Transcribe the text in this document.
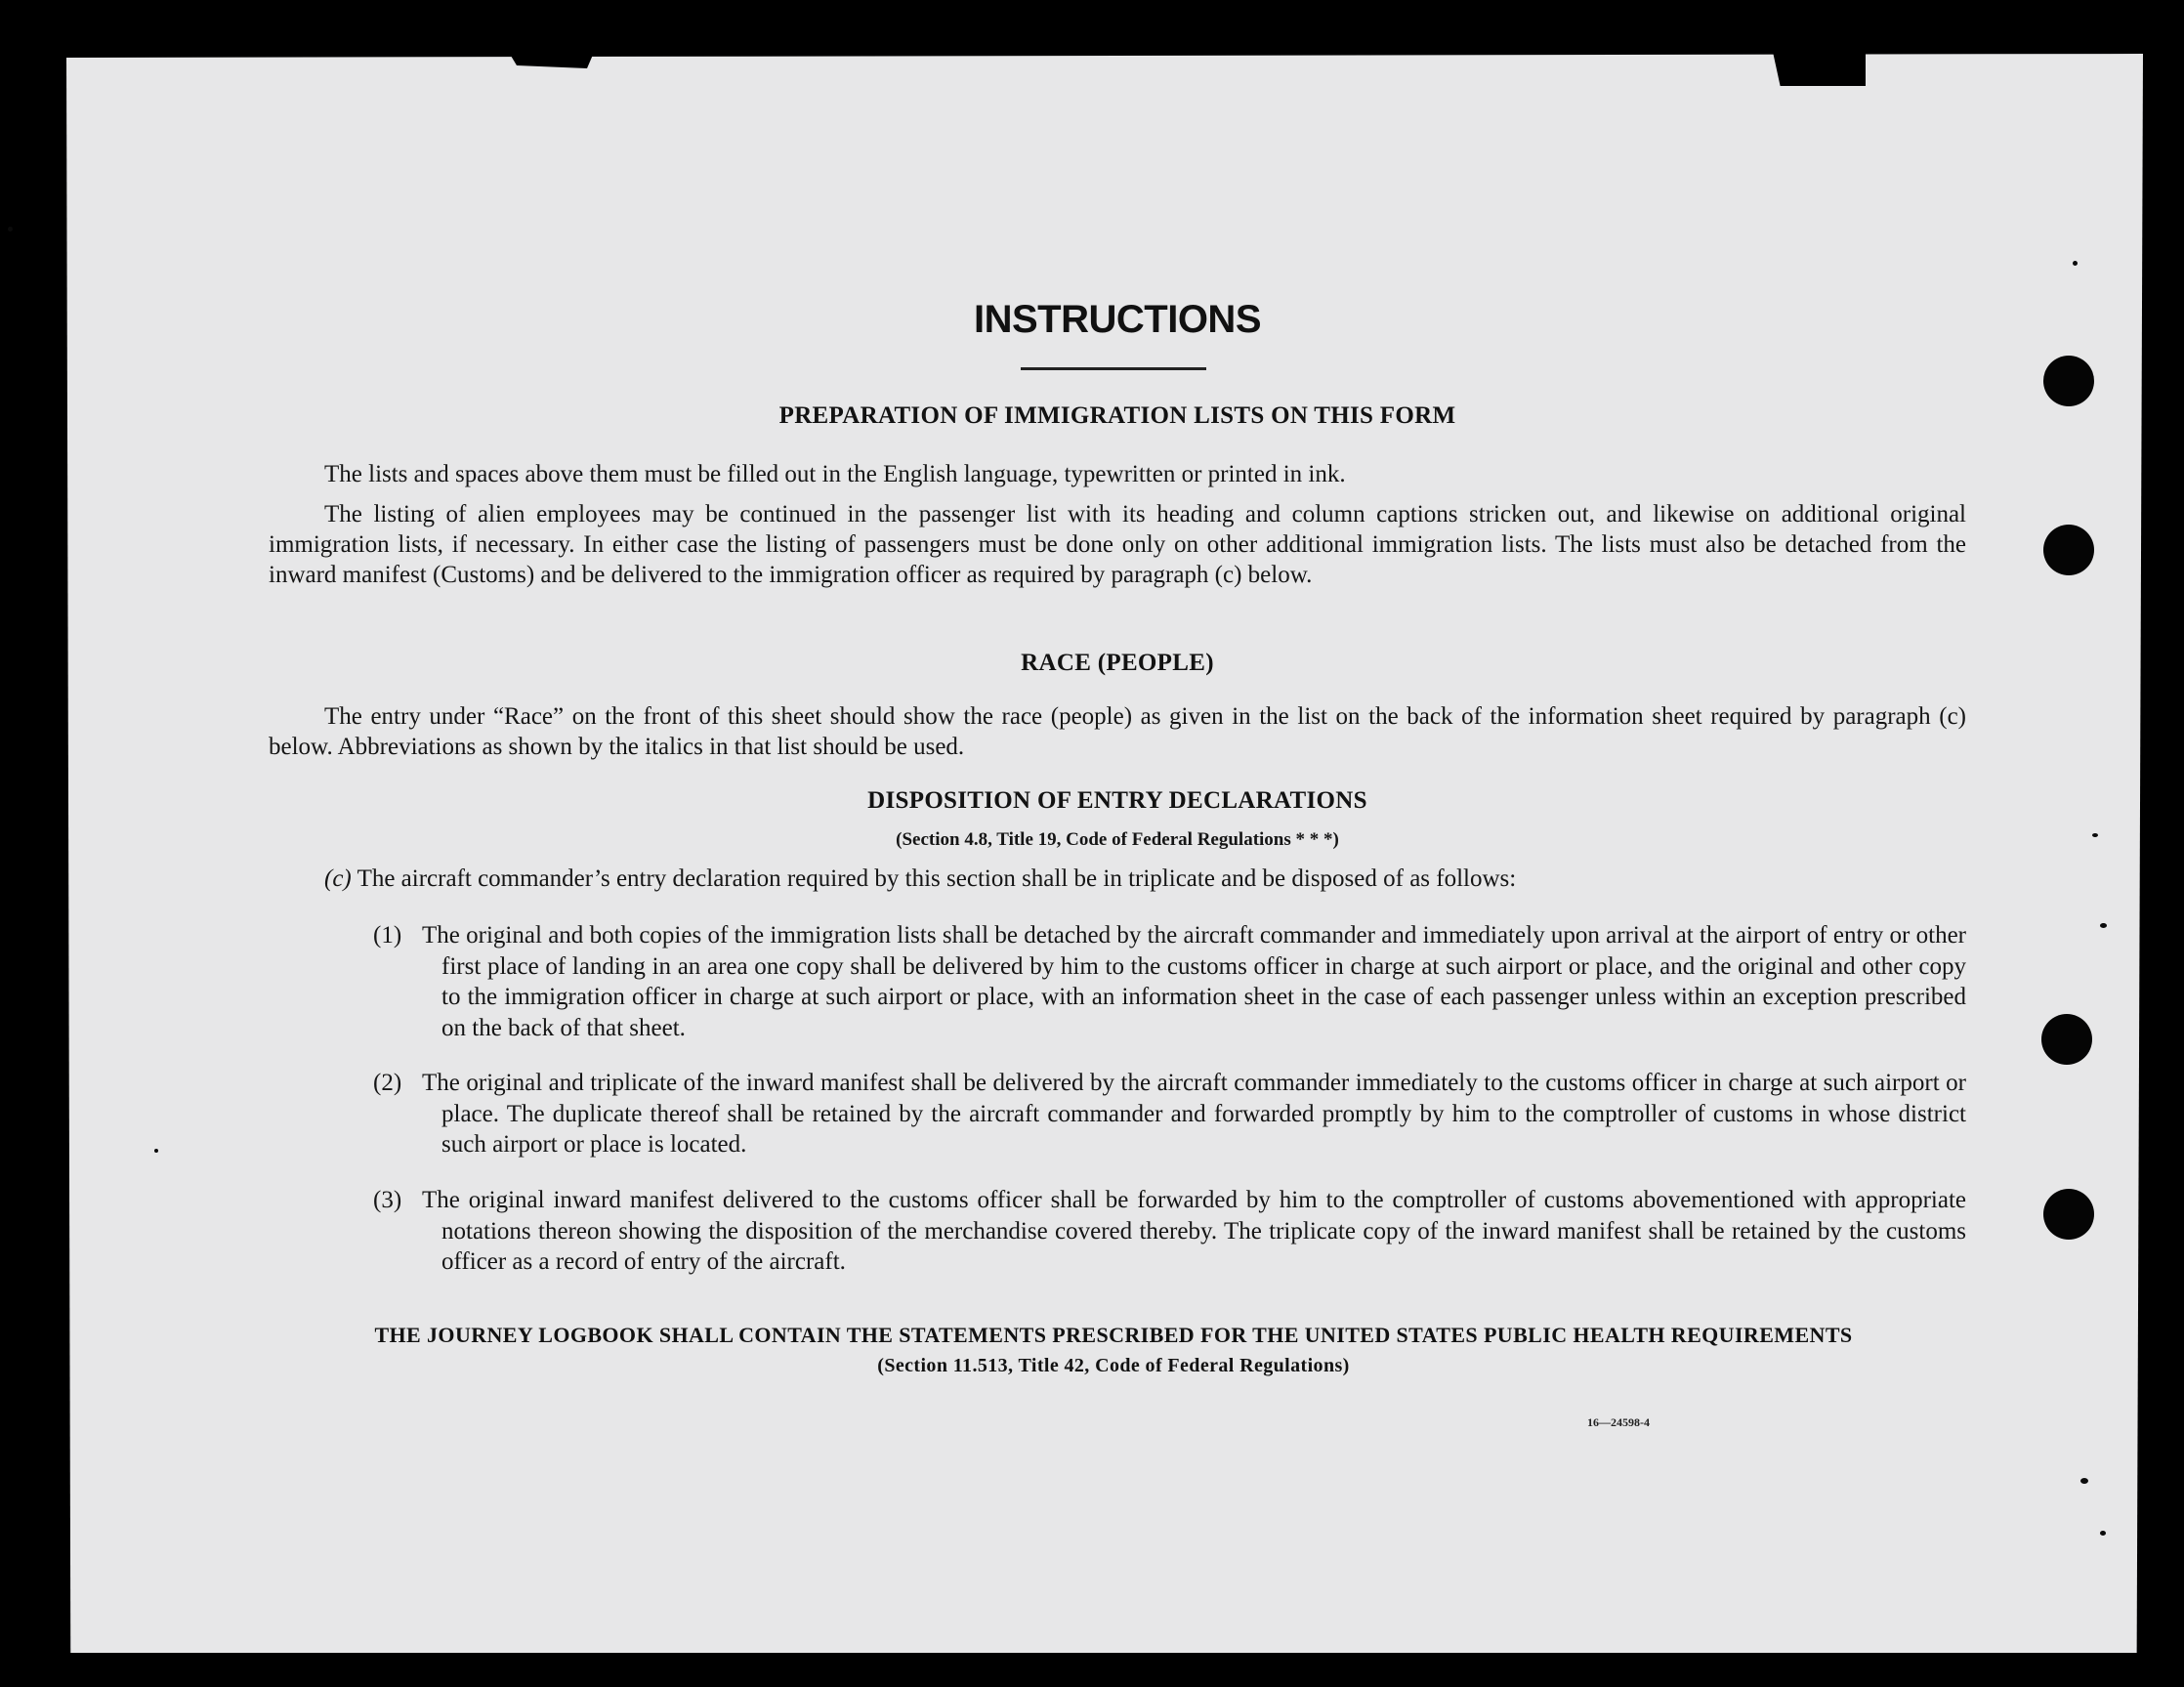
INSTRUCTIONS
PREPARATION OF IMMIGRATION LISTS ON THIS FORM

The lists and spaces above them must be filled out in the English language, typewritten or printed in ink.

The listing of alien employees may be continued in the passenger list with its heading and column captions stricken out, and likewise on additional original immigration lists, if necessary. In either case the listing of passengers must be done only on other additional immigration lists. The lists must also be detached from the inward manifest (Customs) and be delivered to the immigration officer as required by paragraph (c) below.

RACE (PEOPLE)

The entry under “Race” on the front of this sheet should show the race (people) as given in the list on the back of the information sheet required by paragraph (c) below. Abbreviations as shown by the italics in that list should be used.

DISPOSITION OF ENTRY DECLARATIONS
(Section 4.8, Title 19, Code of Federal Regulations * * *)
(c) The aircraft commander’s entry declaration required by this section shall be in triplicate and be disposed of as follows:
(1) The original and both copies of the immigration lists shall be detached by the aircraft commander and immediately upon arrival at the airport of entry or other first place of landing in an area one copy shall be delivered by him to the customs officer in charge at such airport or place, and the original and other copy to the immigration officer in charge at such airport or place, with an information sheet in the case of each passenger unless within an exception prescribed on the back of that sheet.
(2) The original and triplicate of the inward manifest shall be delivered by the aircraft commander immediately to the customs officer in charge at such airport or place. The duplicate thereof shall be retained by the aircraft commander and forwarded promptly by him to the comptroller of customs in whose district such airport or place is located.
(3) The original inward manifest delivered to the customs officer shall be forwarded by him to the comptroller of customs abovementioned with appropriate notations thereon showing the disposition of the merchandise covered thereby. The triplicate copy of the inward manifest shall be retained by the customs officer as a record of entry of the aircraft.
THE JOURNEY LOGBOOK SHALL CONTAIN THE STATEMENTS PRESCRIBED FOR THE UNITED STATES PUBLIC HEALTH REQUIREMENTS
(Section 11.513, Title 42, Code of Federal Regulations)
16—24598‑4
